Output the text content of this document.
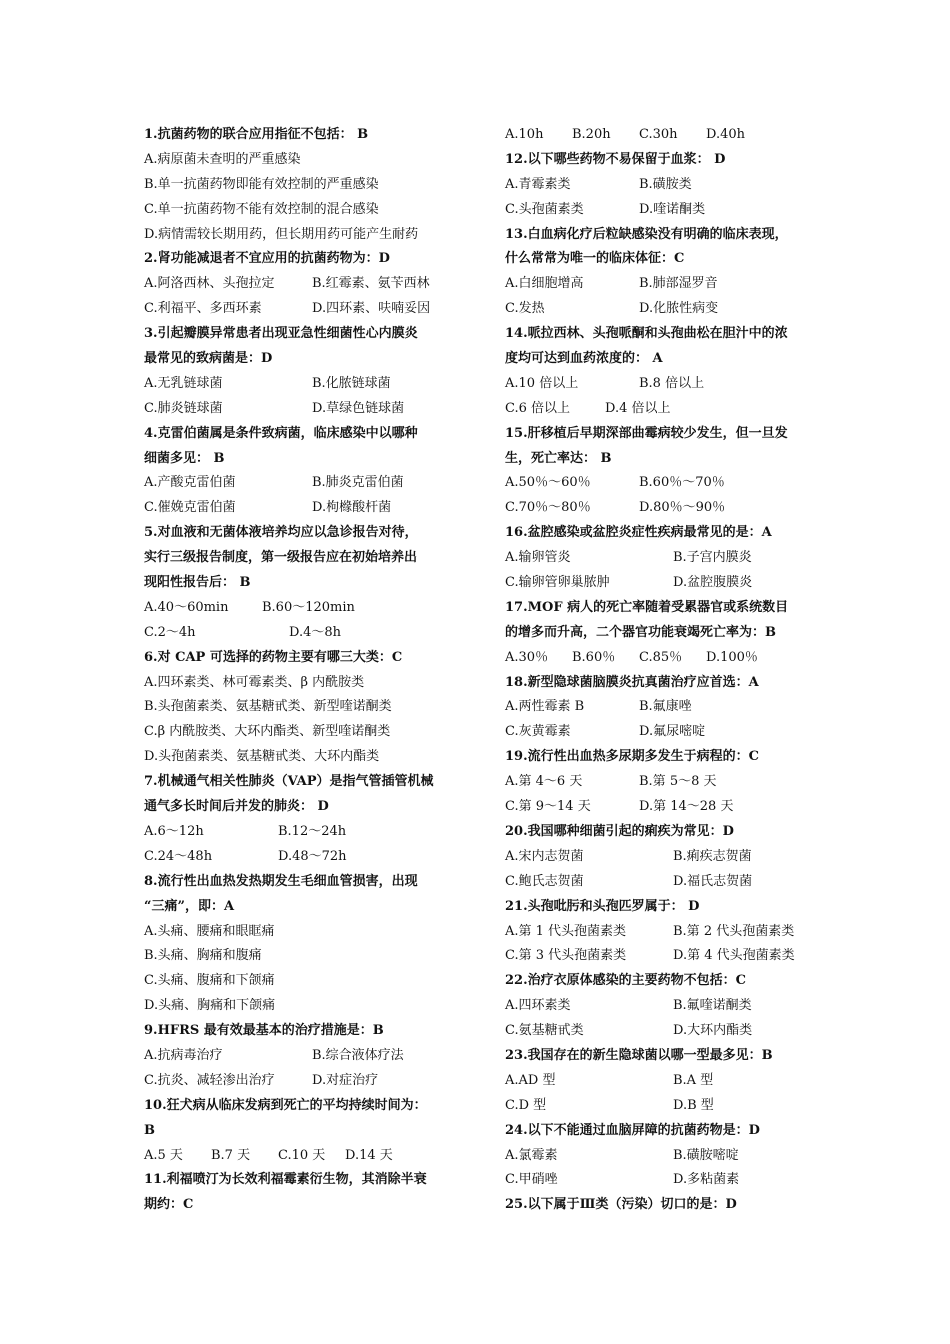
1.抗菌药物的联合应用指征不包括： B
A.病原菌未查明的严重感染
B.单一抗菌药物即能有效控制的严重感染
C.单一抗菌药物不能有效控制的混合感染
D.病情需较长期用药，但长期用药可能产生耐药
2.肾功能减退者不宜应用的抗菌药物为：D
A.阿洛西林、头孢拉定	B.红霉素、氨苄西林
C.利福平、多西环素	D.四环素、呋喃妥因
3.引起瓣膜异常患者出现亚急性细菌性心内膜炎
最常见的致病菌是：D
A.无乳链球菌	B.化脓链球菌
C.肺炎链球菌	D.草绿色链球菌
4.克雷伯菌属是条件致病菌，临床感染中以哪种
细菌多见： B
A.产酸克雷伯菌	B.肺炎克雷伯菌
C.催娩克雷伯菌	D.枸橼酸杆菌
5.对血液和无菌体液培养均应以急诊报告对待，
实行三级报告制度，第一级报告应在初始培养出
现阳性报告后： B
A.40～60min	B.60～120min
C.2～4h	D.4～8h
6.对 CAP 可选择的药物主要有哪三大类：C
A.四环素类、林可霉素类、β 内酰胺类
B.头孢菌素类、氨基糖甙类、新型喹诺酮类
C.β 内酰胺类、大环内酯类、新型喹诺酮类
D.头孢菌素类、氨基糖甙类、大环内酯类
7.机械通气相关性肺炎（VAP）是指气管插管机械
通气多长时间后并发的肺炎： D
A.6～12h	B.12～24h
C.24～48h	D.48～72h
8.流行性出血热发热期发生毛细血管损害，出现
“三痛”，即：A
A.头痛、腰痛和眼眶痛
B.头痛、胸痛和腹痛
C.头痛、腹痛和下颌痛
D.头痛、胸痛和下颌痛
9.HFRS 最有效最基本的治疗措施是：B
A.抗病毒治疗	B.综合液体疗法
C.抗炎、减轻渗出治疗	D.对症治疗
10.狂犬病从临床发病到死亡的平均持续时间为：
B
A.5 天	B.7 天	C.10 天	D.14 天
11.利福喷汀为长效利福霉素衍生物，其消除半衰
期约：C
A.10h	B.20h	C.30h	D.40h
12.以下哪些药物不易保留于血浆： D
A.青霉素类	B.磺胺类
C.头孢菌素类	D.喹诺酮类
13.白血病化疗后粒缺感染没有明确的临床表现，
什么常常为唯一的临床体征：C
A.白细胞增高	B.肺部湿罗音
C.发热	D.化脓性病变
14.哌拉西林、头孢哌酮和头孢曲松在胆汁中的浓
度均可达到血药浓度的： A
A.10 倍以上	B.8 倍以上
C.6 倍以上	D.4 倍以上
15.肝移植后早期深部曲霉病较少发生，但一旦发
生，死亡率达： B
A.50％～60％	B.60％～70％
C.70％～80％	D.80％～90％
16.盆腔感染或盆腔炎症性疾病最常见的是：A
A.输卵管炎	B.子宫内膜炎
C.输卵管卵巢脓肿	D.盆腔腹膜炎
17.MOF 病人的死亡率随着受累器官或系统数目
的增多而升高，二个器官功能衰竭死亡率为：B
A.30％	B.60％	C.85％	D.100％
18.新型隐球菌脑膜炎抗真菌治疗应首选：A
A.两性霉素 B	B.氟康唑
C.灰黄霉素	D.氟尿嘧啶
19.流行性出血热多尿期多发生于病程的：C
A.第 4～6 天	B.第 5～8 天
C.第 9～14 天	D.第 14～28 天
20.我国哪种细菌引起的痢疾为常见：D
A.宋内志贺菌	B.痢疾志贺菌
C.鲍氏志贺菌	D.福氏志贺菌
21.头孢吡肟和头孢匹罗属于： D
A.第 1 代头孢菌素类	B.第 2 代头孢菌素类
C.第 3 代头孢菌素类	D.第 4 代头孢菌素类
22.治疗衣原体感染的主要药物不包括：C
A.四环素类	B.氟喹诺酮类
C.氨基糖甙类	D.大环内酯类
23.我国存在的新生隐球菌以哪一型最多见：B
A.AD 型	B.A 型
C.D 型	D.B 型
24.以下不能通过血脑屏障的抗菌药物是：D
A.氯霉素	B.磺胺嘧啶
C.甲硝唑	D.多粘菌素
25.以下属于Ⅲ类（污染）切口的是：D
